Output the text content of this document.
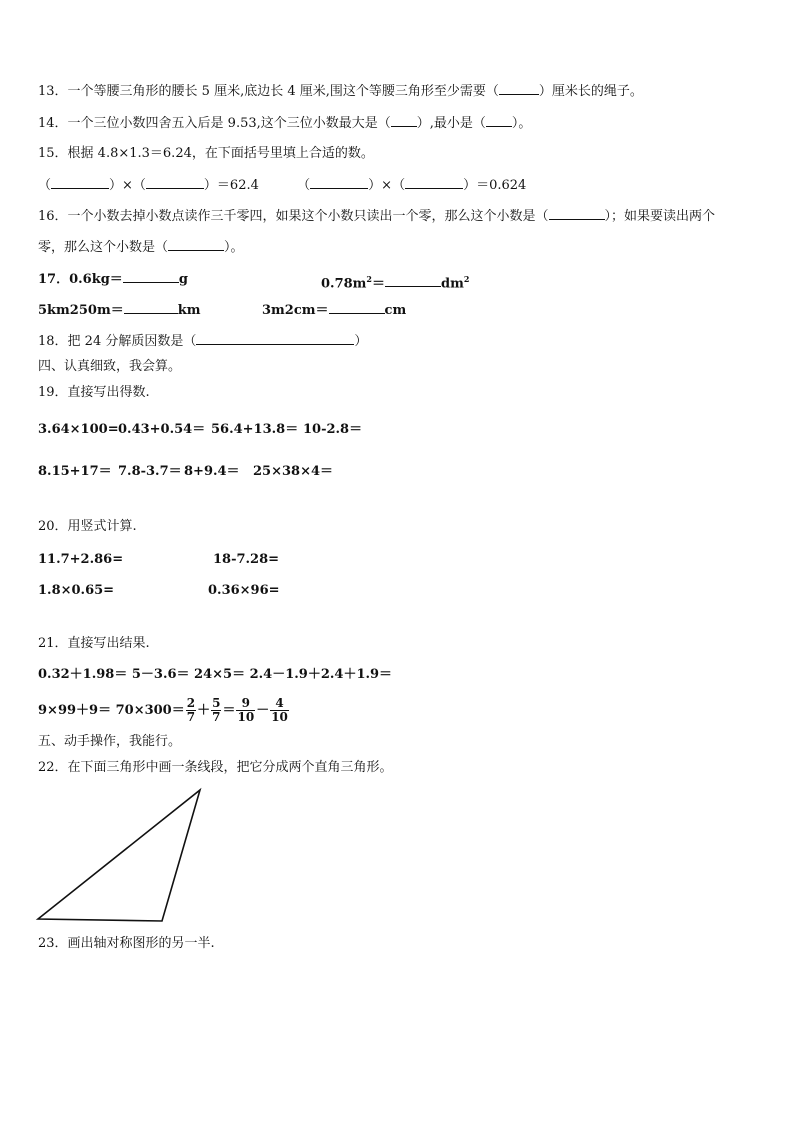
13．一个等腰三角形的腰长 5 厘米,底边长 4 厘米,围这个等腰三角形至少需要（	）厘米长的绳子。
14．一个三位小数四舍五入后是 9.53,这个三位小数最大是（ ）,最小是（ ）。
15．根据 4.8×1.3＝6.24，在下面括号里填上合适的数。
（	）×（	）＝62.4	（	）×（	）＝0.624
16．一个小数去掉小数点读作三千零四，如果这个小数只读出一个零，那么这个小数是（	）；如果要读出两个
零，那么这个小数是（	）。
17．0.6kg＝	g	$0.78m^2=$	$dm^2$
5km250m＝	km	3m2cm＝	cm
18．把 24 分解质因数是（	）
四、认真细致，我会算。
19．直接写出得数.
3.64×100= 0.43+0.54＝ 56.4+13.8＝ 10-2.8＝
8.15+17＝ 7.8-3.7＝ 8+9.4＝ 25×38×4＝
20．用竖式计算.
11.7+2.86=	18-7.28=
1.8×0.65=	0.36×96=
21．直接写出结果.
0.32＋1.98＝ 5－3.6＝ 24×5＝ 2.4－1.9＋2.4＋1.9＝
$9\times 99+9= 70\times 300= \frac{2}{7} + \frac{5}{7} = \frac{9}{10} - \frac{4}{10}$
五、动手操作，我能行。
22．在下面三角形中画一条线段，把它分成两个直角三角形。
23．画出轴对称图形的另一半.
